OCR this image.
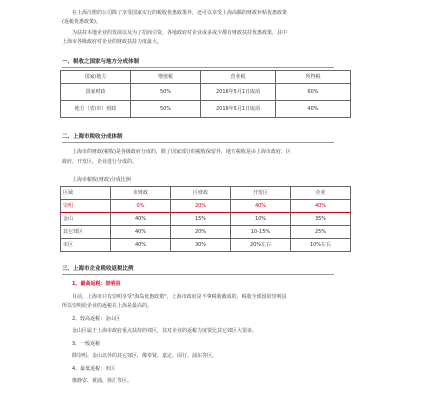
在上海注册的公司除了享受国家实行的税收优惠政策外，还可以享受上海高额的财政补贴优惠政策
(返税优惠政策)。
为扶持本地企业的发展以及为了招商引资，各地政府对企业或多或少都有财政扶持优惠政策，其中
上海市各级政府对企业的财政扶持力度最大。
一、税收之国家与地方分成体制
国家/地方	增值税	营业税	所得税
国家财政	50%	2016年5月1日取消	60%
地方（省/市）财政	50%	2016年5月1日取消	40%
二、上海市税收分成体制
上海市的财政(税收)是各级政府分成的，除了国家部分的税收保留外，地方税收是由上海市政府、区
政府、开发区、企业进行分成的。
上海市税收(财政)分成比例
区域	市财政	区财政	开发区	企业
崇明	0%	20%	40%	40%
金山	40%	15%	10%	35%
其它郊区	40%	20%	10-15%	25%
市区	40%	30%	20%左右	10%左右
三、上海市企业税收返税比例
1、最高返税：崇明县
目前，上海市只有崇明享受"海岛优惠政策"，上海市政府是不拿税收截成的，税收全部留给崇明县
所以崇明给企业的返税在上海是最高的。
2、较高返税：金山区
金山区属于上海市政府重点扶持的郊区，其对企业的返税力度要比其它郊区大很多。
3、一般返税
除崇明、金山以外的其它郊区，像奉贤、嘉定、闵行、浦东等区。
4、最低返税：市区
像静安、黄浦、徐汇等区。
